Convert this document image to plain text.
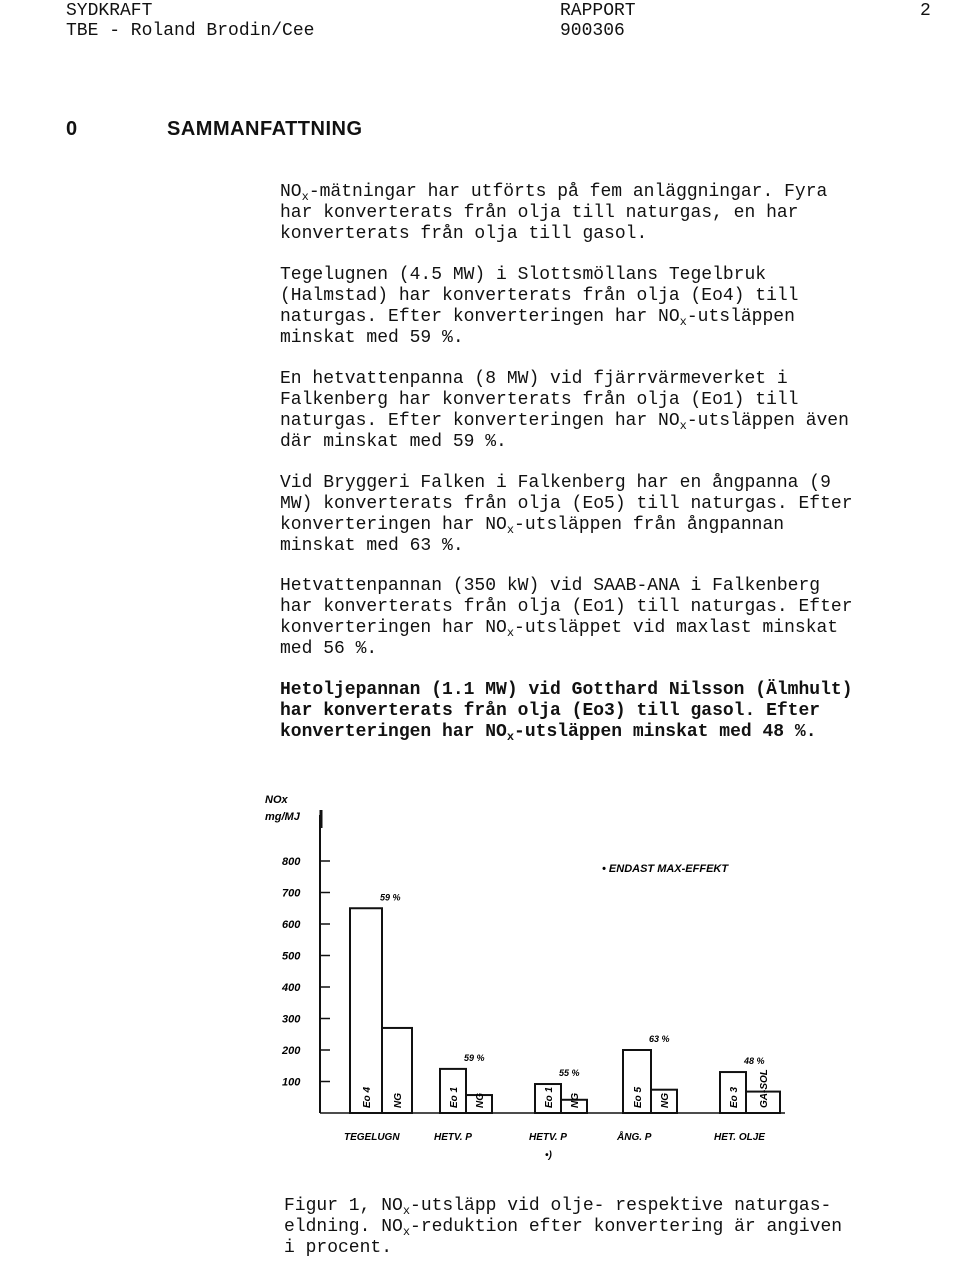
SYDKRAFT
TBE - Roland Brodin/Cee
RAPPORT
900306
2
0	SAMMANFATTNING
$NO_x$-mätningar har utförts på fem anläggningar. Fyra
har konverterats från olja till naturgas, en har
konverterats från olja till gasol.
Tegelugnen (4.5 MW) i Slottsmöllans Tegelbruk
(Halmstad) har konverterats från olja (Eo4) till
naturgas. Efter konverteringen har $NO_x$-utsläppen
minskat med 59 %.
En hetvattenpanna (8 MW) vid fjärrvärmeverket i
Falkenberg har konverterats från olja (Eo1) till
naturgas. Efter konverteringen har $NO_x$-utsläppen även
där minskat med 59 %.
Vid Bryggeri Falken i Falkenberg har en ångpanna (9
MW) konverterats från olja (Eo5) till naturgas. Efter
konverteringen har $NO_x$-utsläppen från ångpannan
minskat med 63 %.
Hetvattenpannan (350 kW) vid SAAB-ANA i Falkenberg
har konverterats från olja (Eo1) till naturgas. Efter
konverteringen har $NO_x$-utsläppet vid maxlast minskat
med 56 %.
Hetoljepannan (1.1 MW) vid Gotthard Nilsson (Älmhult)
har konverterats från olja (Eo3) till gasol. Efter
konverteringen har $NO_x$-utsläppen minskat med 48 %.
NOx
mg/MJ
100
200
300
400
500
600
700
800
• ENDAST MAX-EFFEKT
Eo 4 NG
59 %
TEGELUGN
Eo 1 NG
59 %
HETV. P
Eo 1 NG
55 %
HETV. P
•)
Eo 5 NG
63 %
ÅNG. P
Eo 3 GA-SOL
48 %
HET. OLJE
Figur 1, $NO_x$-utsläpp vid olje- respektive naturgas-
eldning. $NO_x$-reduktion efter konvertering är angiven
i procent.
